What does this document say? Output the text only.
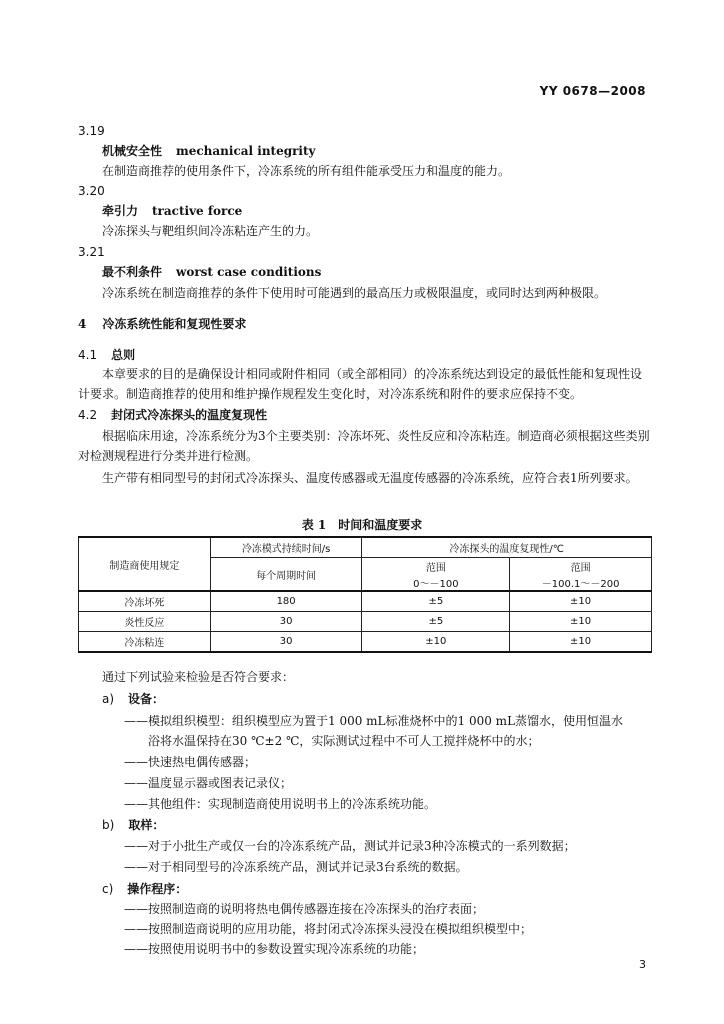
YY 0678—2008
3.19
机械安全性 mechanical integrity
在制造商推荐的使用条件下，冷冻系统的所有组件能承受压力和温度的能力。
3.20
牵引力 tractive force
冷冻探头与靶组织间冷冻粘连产生的力。
3.21
最不利条件 worst case conditions
冷冻系统在制造商推荐的条件下使用时可能遇到的最高压力或极限温度，或同时达到两种极限。
4 冷冻系统性能和复现性要求
4.1 总则
本章要求的目的是确保设计相同或附件相同（或全部相同）的冷冻系统达到设定的最低性能和复现性设计要求。制造商推荐的使用和维护操作规程发生变化时，对冷冻系统和附件的要求应保持不变。
4.2 封闭式冷冻探头的温度复现性
根据临床用途，冷冻系统分为3个主要类别：冷冻坏死、炎性反应和冷冻粘连。制造商必须根据这些类别对检测规程进行分类并进行检测。
生产带有相同型号的封闭式冷冻探头、温度传感器或无温度传感器的冷冻系统，应符合表1所列要求。
表 1 时间和温度要求
制造商使用规定	冷冻模式持续时间/s	冷冻探头的温度复现性/℃	
	每个周期时间	范围	范围
		0～－100	－100.1～－200
冷冻坏死	180	±5	±10
炎性反应	30	±5	±10
冷冻粘连	30	±10	±10
通过下列试验来检验是否符合要求：
a) 设备：
——模拟组织模型：组织模型应为置于1 000 mL标准烧杯中的1 000 mL蒸馏水，使用恒温水
浴将水温保持在30 ℃±2 ℃，实际测试过程中不可人工搅拌烧杯中的水；
——快速热电偶传感器；
——温度显示器或图表记录仪；
——其他组件：实现制造商使用说明书上的冷冻系统功能。
b) 取样：
——对于小批生产或仅一台的冷冻系统产品，测试并记录3种冷冻模式的一系列数据；
——对于相同型号的冷冻系统产品，测试并记录3台系统的数据。
c) 操作程序：
——按照制造商的说明将热电偶传感器连接在冷冻探头的治疗表面；
——按照制造商说明的应用功能，将封闭式冷冻探头浸没在模拟组织模型中；
——按照使用说明书中的参数设置实现冷冻系统的功能；
3
